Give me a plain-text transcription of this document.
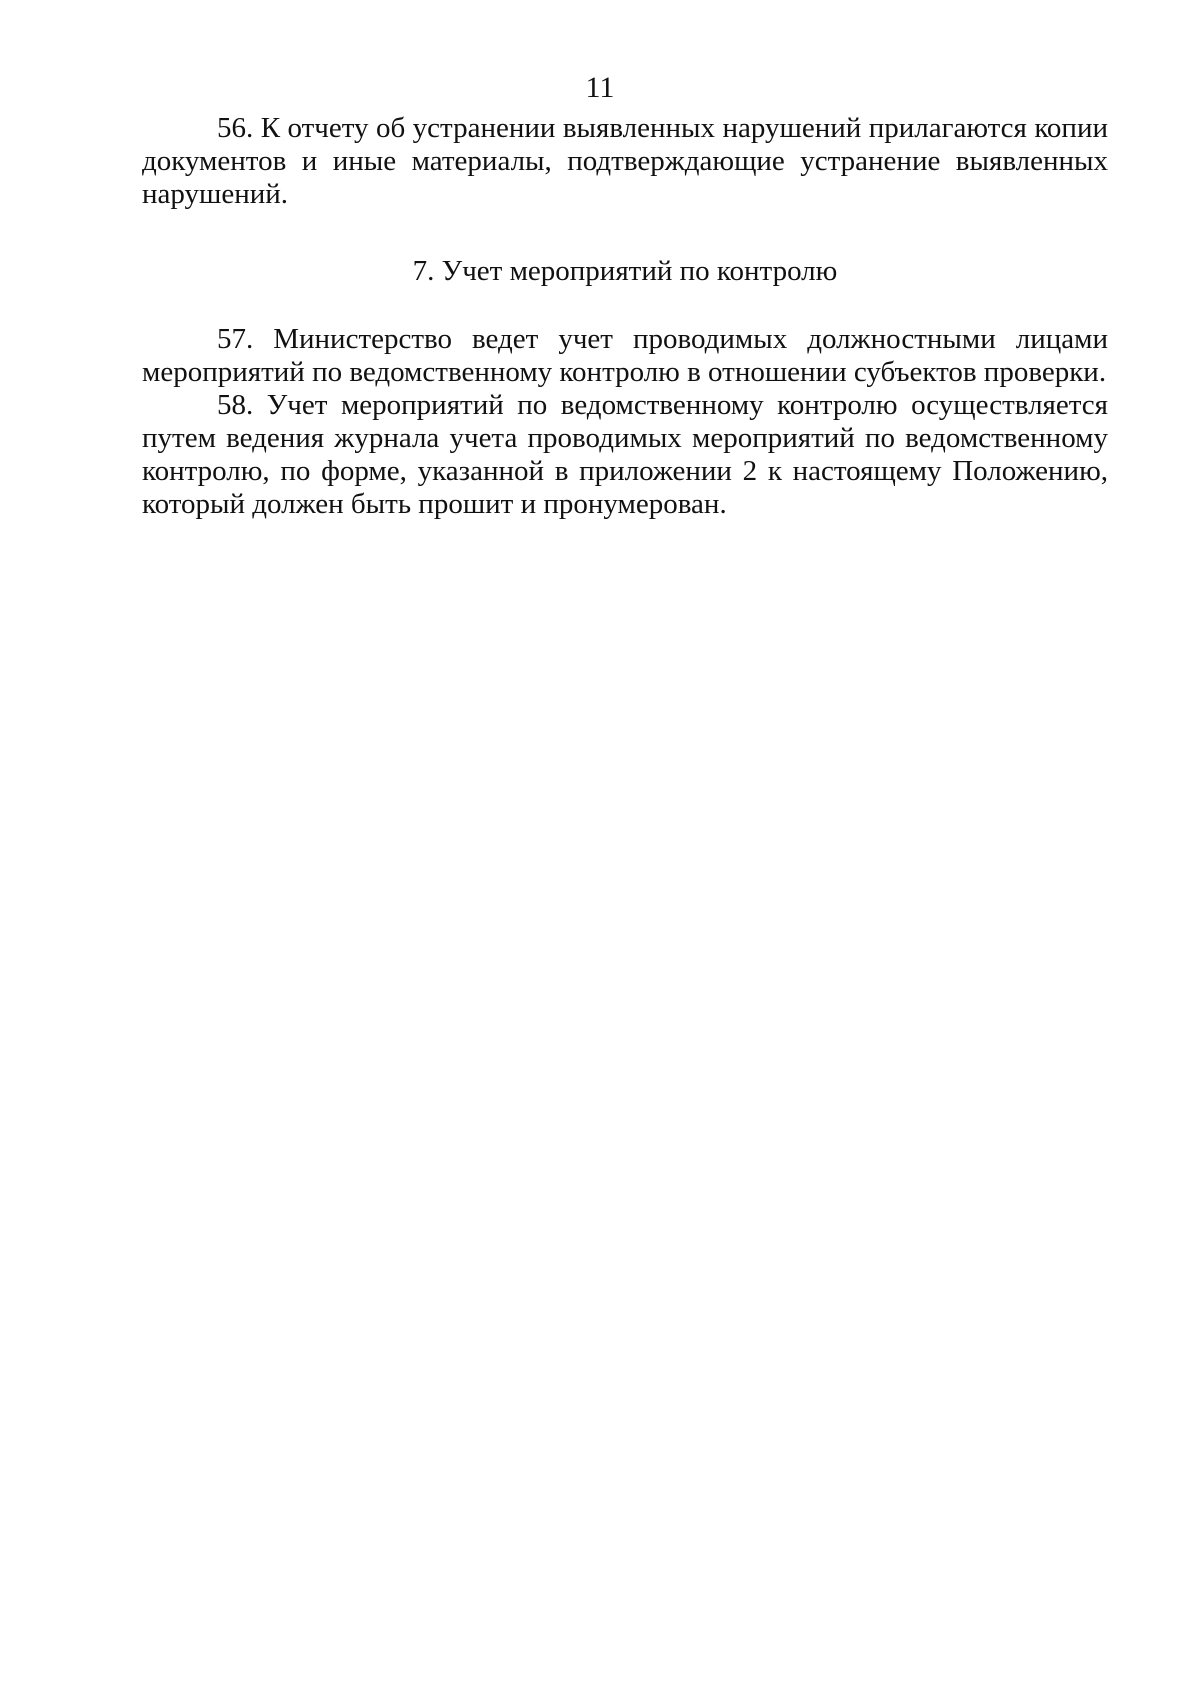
11

56. К отчету об устранении выявленных нарушений прилагаются копии документов и иные материалы, подтверждающие устранение выявленных нарушений.

7. Учет мероприятий по контролю

57. Министерство ведет учет проводимых должностными лицами мероприятий по ведомственному контролю в отношении субъектов проверки.

58. Учет мероприятий по ведомственному контролю осуществляется путем ведения журнала учета проводимых мероприятий по ведомственному контролю, по форме, указанной в приложении 2 к настоящему Положению, который должен быть прошит и пронумерован.
